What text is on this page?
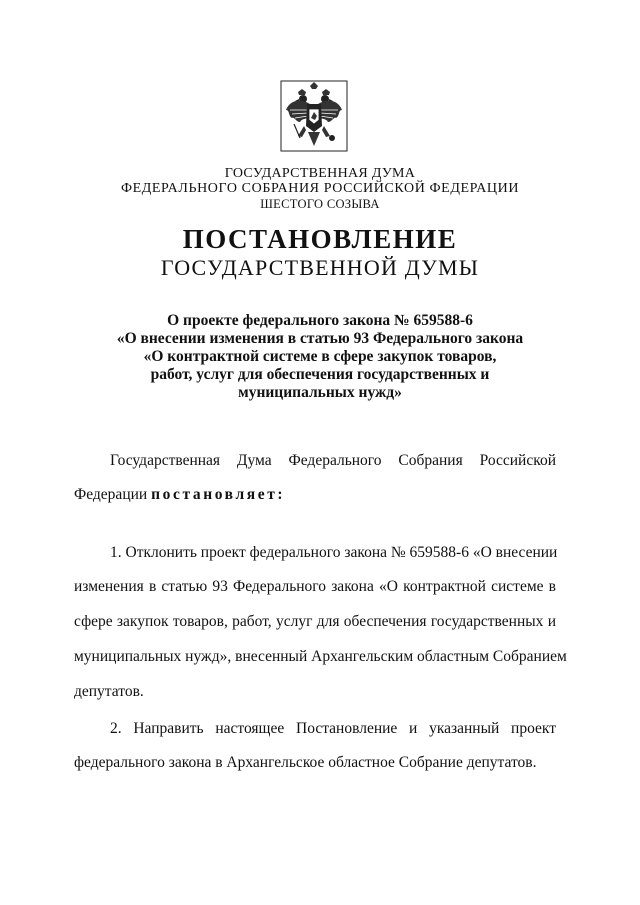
ГОСУДАРСТВЕННАЯ ДУМА
ФЕДЕРАЛЬНОГО СОБРАНИЯ РОССИЙСКОЙ ФЕДЕРАЦИИ
ШЕСТОГО СОЗЫВА
ПОСТАНОВЛЕНИЕ
ГОСУДАРСТВЕННОЙ ДУМЫ
О проекте федерального закона № 659588-6
«О внесении изменения в статью 93 Федерального закона
«О контрактной системе в сфере закупок товаров,
работ, услуг для обеспечения государственных и
муниципальных нужд»
Государственная Дума Федерального Собрания Российской
Федерации постановляет:
1. Отклонить проект федерального закона № 659588-6 «О внесении
изменения в статью 93 Федерального закона «О контрактной системе в
сфере закупок товаров, работ, услуг для обеспечения государственных и
муниципальных нужд», внесенный Архангельским областным Собранием
депутатов.
2. Направить настоящее Постановление и указанный проект
федерального закона в Архангельское областное Собрание депутатов.
